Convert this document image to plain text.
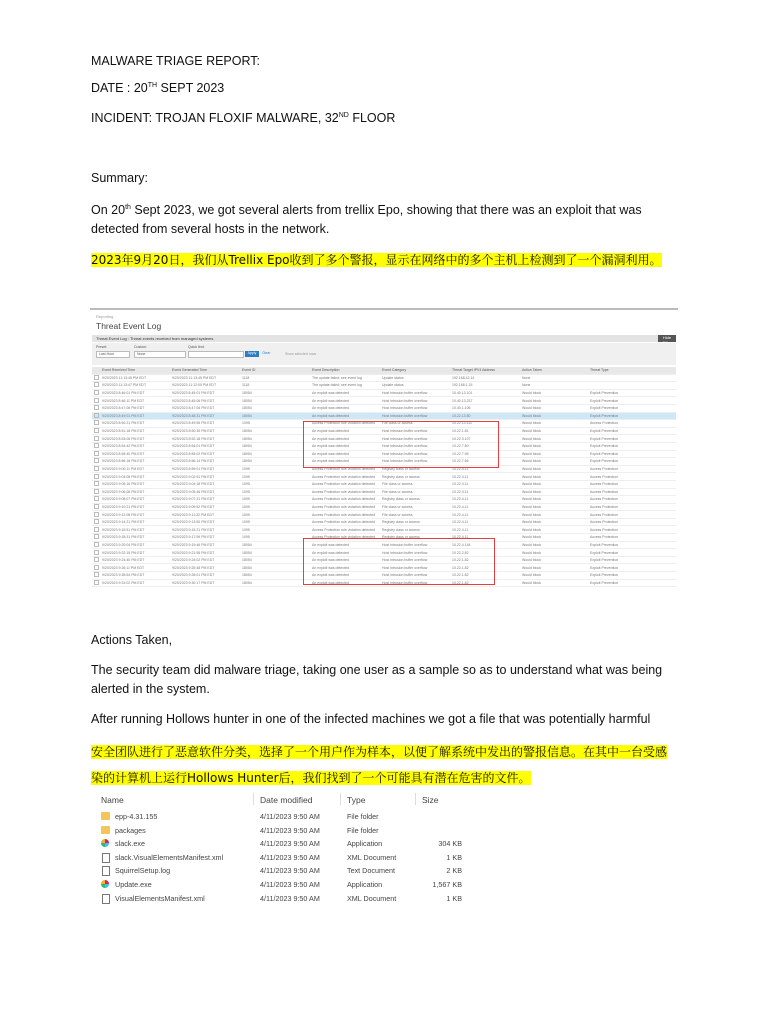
MALWARE TRIAGE REPORT:
DATE : 20TH SEPT 2023
INCIDENT: TROJAN FLOXIF MALWARE, 32ND FLOOR
Summary:
On 20th Sept 2023, we got several alerts from trellix Epo, showing that there was an exploit that was detected from several hosts in the network.
2023年9月20日，我们从Trellix Epo收到了多个警报，显示在网络中的多个主机上检测到了一个漏洞利用。
Reporting
Threat Event Log
Threat Event Log : Threat events received from managed systems	Hide
Preset:	Custom:	Quick find:
Last Hour	None	Apply	Clear	Show selected rows
	Event Received Time	Event Generated Time	Event ID	Event Description	Event Category	Threat Target IPV4 Address	Action Taken	Threat Type
	9/20/2023 11:13:45 PM EDT	9/20/2023 11:13:45 PM EDT	1118	The update failed; see event log	Update status	192.168.42.14	None	
	9/20/2023 11:13:47 PM EDT	9/20/2023 11:12:05 PM EDT	1118	The update failed; see event log	Update status	192.168.1.15	None	
	9/20/2023 8:46:01 PM EDT	9/20/2023 8:45:01 PM EDT	18054	An exploit was detected	Host intrusion buffer overflow	10.40.13.101	Would block	Exploit Prevention
	9/20/2023 8:46:11 PM EDT	9/20/2023 8:45:06 PM EDT	18054	An exploit was detected	Host intrusion buffer overflow	10.40.13.237	Would block	Exploit Prevention
	9/20/2023 8:47:06 PM EDT	9/20/2023 8:47:06 PM EDT	18054	An exploit was detected	Host intrusion buffer overflow	10.40.1.106	Would block	Exploit Prevention
	9/20/2023 8:49:01 PM EDT	9/20/2023 8:48:31 PM EDT	18054	An exploit was detected	Host intrusion buffer overflow	10.22.13.80	Would block	Exploit Prevention
	9/20/2023 8:50:21 PM EDT	9/20/2023 8:49:55 PM EDT	1095	Access Protection rule violation detected	File class or access	10.22.13.111	Would block	Access Protection
	9/20/2023 8:51:18 PM EDT	9/20/2023 8:50:30 PM EDT	18054	An exploit was detected	Host intrusion buffer overflow	10.22.1.81	Would block	Exploit Prevention
	9/20/2023 8:53:06 PM EDT	9/20/2023 8:52:18 PM EDT	18054	An exploit was detected	Host intrusion buffer overflow	10.22.3.107	Would block	Exploit Prevention
	9/20/2023 8:54:42 PM EDT	9/20/2023 8:54:01 PM EDT	18054	An exploit was detected	Host intrusion buffer overflow	10.22.7.80	Would block	Exploit Prevention
	9/20/2023 8:55:40 PM EDT	9/20/2023 8:55:02 PM EDT	18054	An exploit was detected	Host intrusion buffer overflow	10.22.7.95	Would block	Exploit Prevention
	9/20/2023 8:56:18 PM EDT	9/20/2023 8:56:14 PM EDT	18054	An exploit was detected	Host intrusion buffer overflow	10.22.7.66	Would block	Exploit Prevention
	9/20/2023 9:00:11 PM EDT	9/20/2023 8:59:01 PM EDT	1095	Access Protection rule violation detected	Registry class or access	10.22.4.11	Would block	Access Protection
	9/20/2023 9:03:08 PM EDT	9/20/2023 9:02:51 PM EDT	1095	Access Protection rule violation detected	Registry class or access	10.22.4.11	Would block	Access Protection
	9/20/2023 9:05:16 PM EDT	9/20/2023 9:04:18 PM EDT	1095	Access Protection rule violation detected	File class or access	10.22.4.11	Would block	Access Protection
	9/20/2023 9:06:08 PM EDT	9/20/2023 9:05:46 PM EDT	1095	Access Protection rule violation detected	File class or access	10.22.4.11	Would block	Access Protection
	9/20/2023 9:08:07 PM EDT	9/20/2023 9:07:31 PM EDT	1095	Access Protection rule violation detected	Registry class or access	10.22.4.11	Would block	Access Protection
	9/20/2023 9:10:21 PM EDT	9/20/2023 9:09:52 PM EDT	1095	Access Protection rule violation detected	File class or access	10.22.4.11	Would block	Access Protection
	9/20/2023 9:12:08 PM EDT	9/20/2023 9:11:32 PM EDT	1095	Access Protection rule violation detected	File class or access	10.22.4.11	Would block	Access Protection
	9/20/2023 9:14:21 PM EDT	9/20/2023 9:13:50 PM EDT	1095	Access Protection rule violation detected	Registry class or access	10.22.4.11	Would block	Access Protection
	9/20/2023 9:15:51 PM EDT	9/20/2023 9:15:21 PM EDT	1095	Access Protection rule violation detected	Registry class or access	10.22.4.11	Would block	Access Protection
	9/20/2023 9:18:31 PM EDT	9/20/2023 9:17:59 PM EDT	1095	Access Protection rule violation detected	Registry class or access	10.22.4.11	Would block	Access Protection
	9/20/2023 9:20:04 PM EDT	9/20/2023 9:19:46 PM EDT	18054	An exploit was detected	Host intrusion buffer overflow	10.22.4.144	Would block	Exploit Prevention
	9/20/2023 9:22:15 PM EDT	9/20/2023 9:21:55 PM EDT	18054	An exploit was detected	Host intrusion buffer overflow	10.22.2.82	Would block	Exploit Prevention
	9/20/2023 9:24:40 PM EDT	9/20/2023 9:24:02 PM EDT	18054	An exploit was detected	Host intrusion buffer overflow	10.22.1.82	Would block	Exploit Prevention
	9/20/2023 9:26:11 PM EDT	9/20/2023 9:25:48 PM EDT	18054	An exploit was detected	Host intrusion buffer overflow	10.22.1.82	Would block	Exploit Prevention
	9/20/2023 9:28:54 PM EDT	9/20/2023 9:28:01 PM EDT	18054	An exploit was detected	Host intrusion buffer overflow	10.22.1.82	Would block	Exploit Prevention
	9/20/2023 9:31:02 PM EDT	9/20/2023 9:30:17 PM EDT	18054	An exploit was detected	Host intrusion buffer overflow	10.22.1.82	Would block	Exploit Prevention
Actions Taken,
The security team did malware triage, taking one user as a sample so as to understand what was being alerted in the system.
After running Hollows hunter in one of the infected machines we got a file that was potentially harmful
安全团队进行了恶意软件分类，选择了一个用户作为样本，以便了解系统中发出的警报信息。在其中一台受感染的计算机上运行Hollows Hunter后，我们找到了一个可能具有潜在危害的文件。
Name	Date modified	Type	Size
epp-4.31.155	4/11/2023 9:50 AM	File folder
packages	4/11/2023 9:50 AM	File folder
slack.exe	4/11/2023 9:50 AM	Application	304 KB
slack.VisualElementsManifest.xml	4/11/2023 9:50 AM	XML Document	1 KB
SquirrelSetup.log	4/11/2023 9:50 AM	Text Document	2 KB
Update.exe	4/11/2023 9:50 AM	Application	1,567 KB
VisualElementsManifest.xml	4/11/2023 9:50 AM	XML Document	1 KB
